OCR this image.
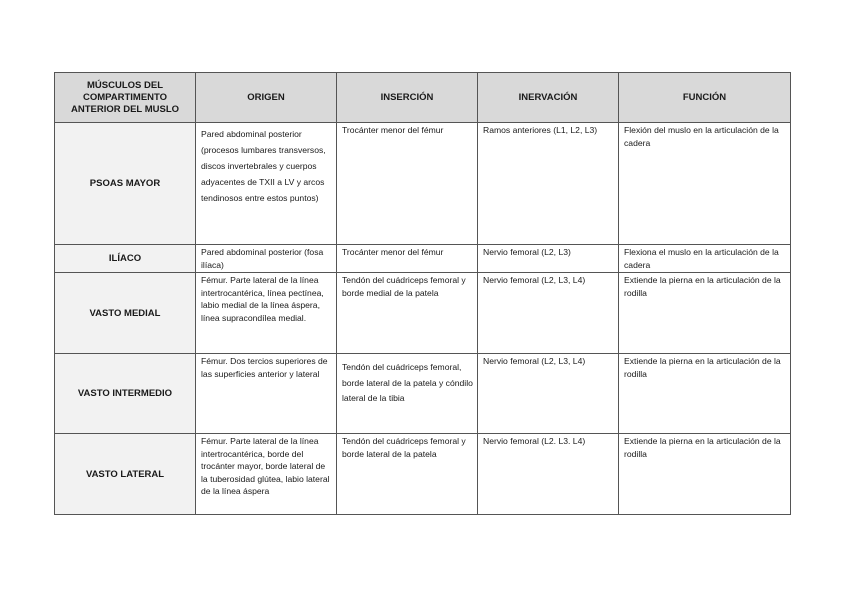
MÚSCULOS DEL COMPARTIMENTO ANTERIOR DEL MUSLO	ORIGEN	INSERCIÓN	INERVACIÓN	FUNCIÓN

PSOAS MAYOR	Pared abdominal posterior (procesos lumbares transversos, discos invertebrales y cuerpos adyacentes de TXII a LV y arcos tendinosos entre estos puntos)	Trocánter menor del fémur	Ramos anteriores (L1, L2, L3)	Flexión del muslo en la articulación de la cadera

ILÍACO	Pared abdominal posterior (fosa ilíaca)	Trocánter menor del fémur	Nervio femoral (L2, L3)	Flexiona el muslo en la articulación de la cadera

VASTO MEDIAL	Fémur. Parte lateral de la línea intertrocantérica, línea pectínea, labio medial de la línea áspera, línea supracondílea medial.	Tendón del cuádriceps femoral y borde medial de la patela	Nervio femoral (L2, L3, L4)	Extiende la pierna en la articulación de la rodilla

VASTO INTERMEDIO	Fémur. Dos tercios superiores de las superficies anterior y lateral	Tendón del cuádriceps femoral, borde lateral de la patela y cóndilo lateral de la tibia	Nervio femoral (L2, L3, L4)	Extiende la pierna en la articulación de la rodilla

VASTO LATERAL	Fémur. Parte lateral de la línea intertrocantérica, borde del trocánter mayor, borde lateral de la tuberosidad glútea, labio lateral de la línea áspera	Tendón del cuádriceps femoral y borde lateral de la patela	Nervio femoral (L2. L3. L4)	Extiende la pierna en la articulación de la rodilla
